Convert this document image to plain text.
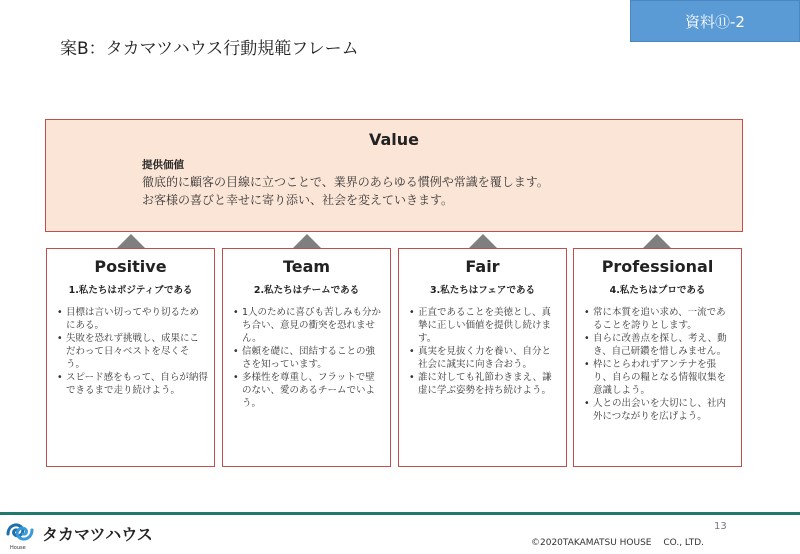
資料⑪-2
案B：タカマツハウス行動規範フレーム
Value
提供価値
徹底的に顧客の目線に立つことで、業界のあらゆる慣例や常識を覆します。
お客様の喜びと幸せに寄り添い、社会を変えていきます。
Positive
1.私たちはポジティブである
• 目標は言い切ってやり切るためにある。
• 失敗を恐れず挑戦し、成果にこだわって日々ベストを尽くそう。
• スピード感をもって、自らが納得できるまで走り続けよう。
Team
2.私たちはチームである
• 1人のために喜びも苦しみも分かち合い、意見の衝突を恐れません。
• 信頼を礎に、団結することの強さを知っています。
• 多様性を尊重し、フラットで壁のない、愛のあるチームでいよう。
Fair
3.私たちはフェアである
• 正直であることを美徳とし、真摯に正しい価値を提供し続けます。
• 真実を見抜く力を養い、自分と社会に誠実に向き合おう。
• 誰に対しても礼節わきまえ、謙虚に学ぶ姿勢を持ち続けよう。
Professional
4.私たちはプロである
• 常に本質を追い求め、一流であることを誇りとします。
• 自らに改善点を探し、考え、動き、自己研鑽を惜しみません。
• 枠にとらわれずアンテナを張り、自らの糧となる情報収集を意識しよう。
• 人との出会いを大切にし、社内外につながりを広げよう。
House
タカマツハウス	13
©2020TAKAMATSU HOUSE　 CO., LTD.
